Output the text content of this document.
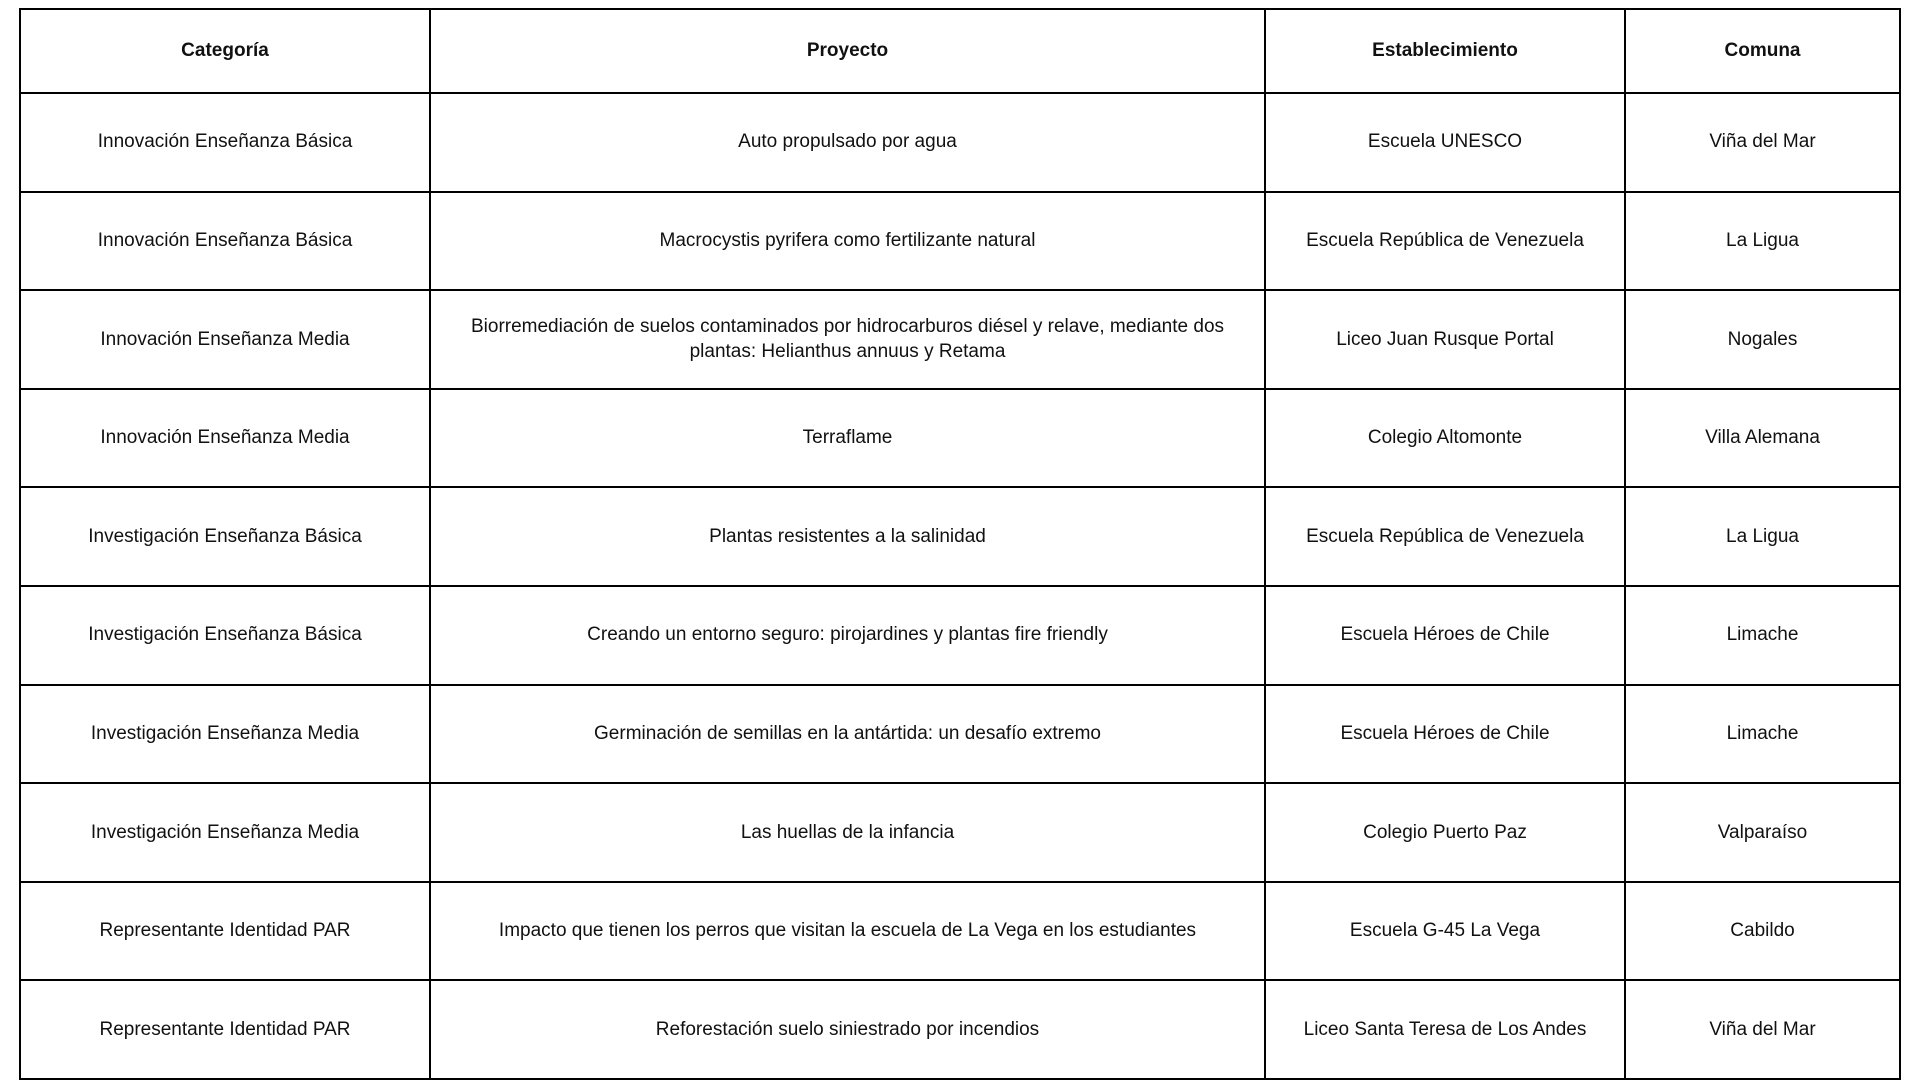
Categoría	Proyecto	Establecimiento	Comuna
Innovación Enseñanza Básica	Auto propulsado por agua	Escuela UNESCO	Viña del Mar
Innovación Enseñanza Básica	Macrocystis pyrifera como fertilizante natural	Escuela República de Venezuela	La Ligua
Innovación Enseñanza Media	Biorremediación de suelos contaminados por hidrocarburos diésel y relave, mediante dos plantas: Helianthus annuus y Retama	Liceo Juan Rusque Portal	Nogales
Innovación Enseñanza Media	Terraflame	Colegio Altomonte	Villa Alemana
Investigación Enseñanza Básica	Plantas resistentes a la salinidad	Escuela República de Venezuela	La Ligua
Investigación Enseñanza Básica	Creando un entorno seguro: pirojardines y plantas fire friendly	Escuela Héroes de Chile	Limache
Investigación Enseñanza Media	Germinación de semillas en la antártida: un desafío extremo	Escuela Héroes de Chile	Limache
Investigación Enseñanza Media	Las huellas de la infancia	Colegio Puerto Paz	Valparaíso
Representante Identidad PAR	Impacto que tienen los perros que visitan la escuela de La Vega en los estudiantes	Escuela G-45 La Vega	Cabildo
Representante Identidad PAR	Reforestación suelo siniestrado por incendios	Liceo Santa Teresa de Los Andes	Viña del Mar
